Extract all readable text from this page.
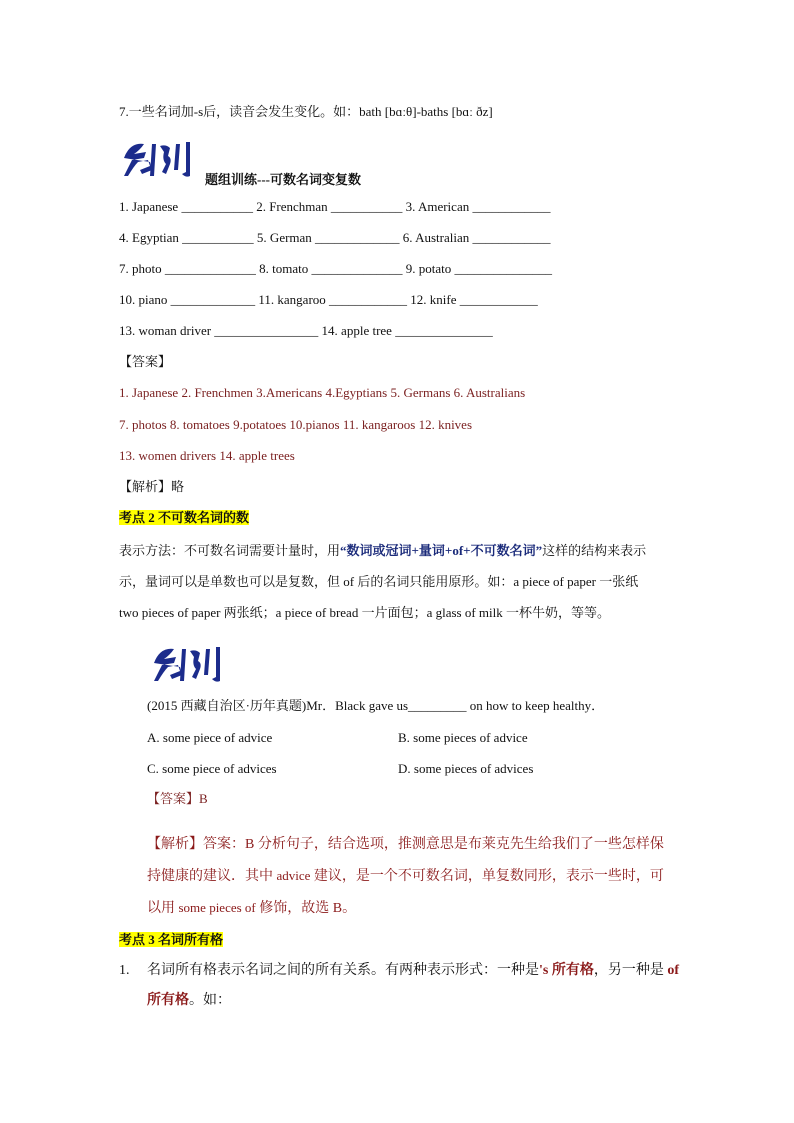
7.一些名词加-s后，读音会发生变化。如：bath [bɑːθ]-baths [bɑː ðz]
题组训练---可数名词变复数
1. Japanese ___________ 2. Frenchman ___________ 3. American ____________
4. Egyptian ___________ 5. German _____________ 6. Australian ____________
7. photo ______________ 8. tomato ______________ 9. potato _______________
10. piano _____________ 11. kangaroo ____________ 12. knife ____________
13. woman driver ________________ 14. apple tree _______________
【答案】
1. Japanese 2. Frenchmen 3.Americans 4.Egyptians 5. Germans 6. Australians
7. photos 8. tomatoes 9.potatoes 10.pianos 11. kangaroos 12. knives
13. women drivers 14. apple trees
【解析】略
考点 2 不可数名词的数
表示方法：不可数名词需要计量时，用“数词或冠词+量词+of+不可数名词”这样的结构来表示
示，量词可以是单数也可以是复数，但 of 后的名词只能用原形。如：a piece of paper 一张纸
two pieces of paper 两张纸；a piece of bread 一片面包；a glass of milk 一杯牛奶，等等。
(2015 西藏自治区·历年真题)Mr．Black gave us_________ on how to keep healthy．
A. some piece of advice	B. some pieces of advice
C. some piece of advices	D. some pieces of advices
【答案】B
【解析】答案：B 分析句子，结合选项，推测意思是布莱克先生给我们了一些怎样保
持健康的建议．其中 advice 建议，是一个不可数名词，单复数同形，表示一些时，可
以用 some pieces of 修饰，故选 B。
考点 3 名词所有格
1. 名词所有格表示名词之间的所有关系。有两种表示形式：一种是's 所有格，另一种是 of
所有格。如：
